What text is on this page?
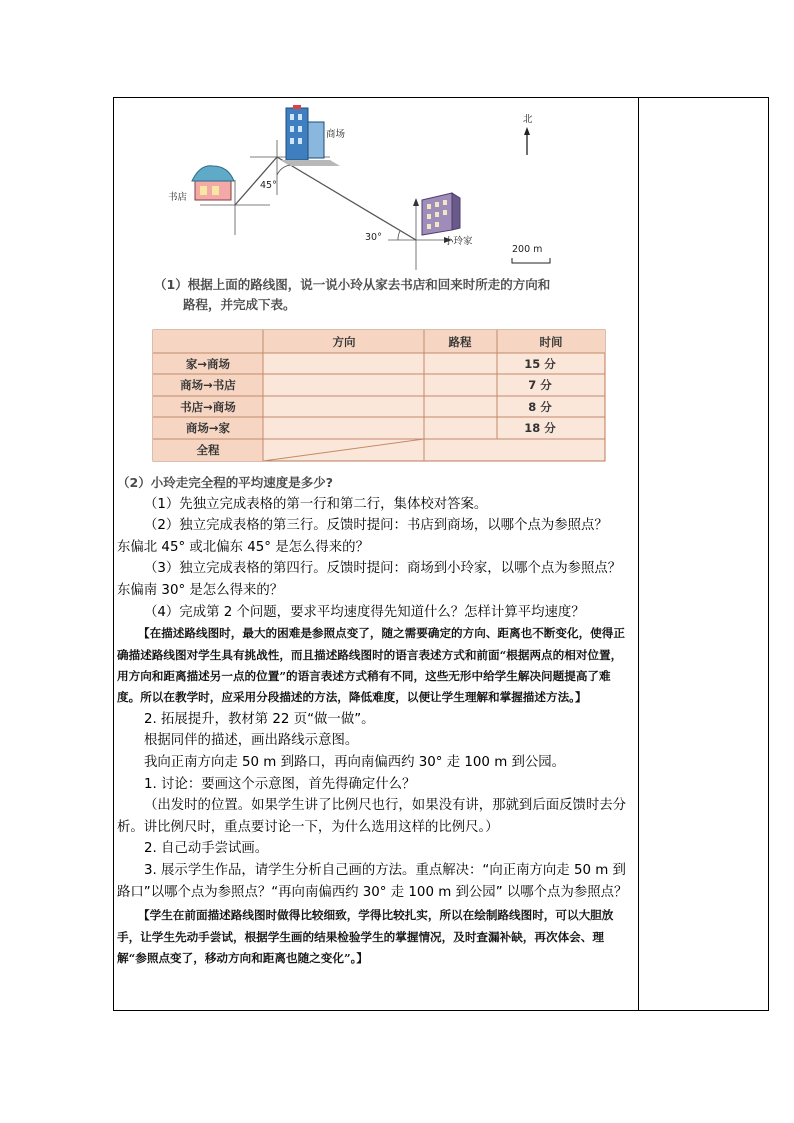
北
商场
书店
小玲家
45°
30°
200 m
（1）根据上面的路线图，说一说小玲从家去书店和回来时所走的方向和
路程，并完成下表。
方向	路程	时间
家→商场
商场→书店
书店→商场
商场→家
全程
15 分
7 分
8 分
18 分

（2）小玲走完全程的平均速度是多少?

（1）先独立完成表格的第一行和第二行，集体校对答案。

（2）独立完成表格的第三行。反馈时提问：书店到商场，以哪个点为参照点？

东偏北 45° 或北偏东 45° 是怎么得来的？

（3）独立完成表格的第四行。反馈时提问：商场到小玲家，以哪个点为参照点？

东偏南 30° 是怎么得来的？

（4）完成第 2 个问题，要求平均速度得先知道什么？怎样计算平均速度？

【在描述路线图时，最大的困难是参照点变了，随之需要确定的方向、距离也不断变化，使得正确描述路线图对学生具有挑战性，而且描述路线图时的语言表述方式和前面“根据两点的相对位置，用方向和距离描述另一点的位置”的语言表述方式稍有不同，这些无形中给学生解决问题提高了难度。所以在教学时，应采用分段描述的方法，降低难度，以便让学生理解和掌握描述方法。】

2. 拓展提升，教材第 22 页“做一做”。

根据同伴的描述，画出路线示意图。

我向正南方向走 50 m 到路口，再向南偏西约 30° 走 100 m 到公园。

1. 讨论：要画这个示意图，首先得确定什么？

（出发时的位置。如果学生讲了比例尺也行，如果没有讲，那就到后面反馈时去分析。讲比例尺时，重点要讨论一下，为什么选用这样的比例尺。）

2. 自己动手尝试画。

3. 展示学生作品，请学生分析自己画的方法。重点解决：“向正南方向走 50 m 到路口”以哪个点为参照点？“再向南偏西约 30° 走 100 m 到公园” 以哪个点为参照点？

【学生在前面描述路线图时做得比较细致，学得比较扎实，所以在绘制路线图时，可以大胆放手，让学生先动手尝试，根据学生画的结果检验学生的掌握情况，及时查漏补缺，再次体会、理解“参照点变了，移动方向和距离也随之变化”。】
